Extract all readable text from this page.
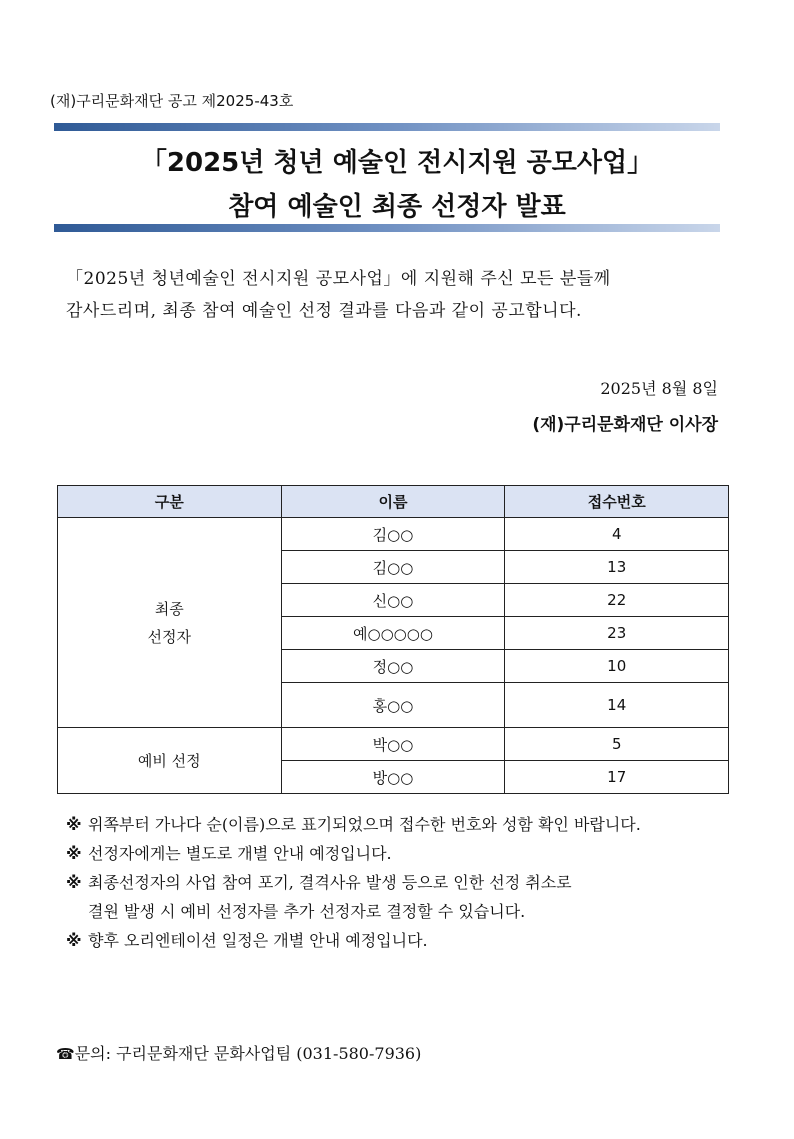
(재)구리문화재단 공고 제2025-43호
「2025년 청년 예술인 전시지원 공모사업」
참여 예술인 최종 선정자 발표
「2025년 청년예술인 전시지원 공모사업」에 지원해 주신 모든 분들께
감사드리며, 최종 참여 예술인 선정 결과를 다음과 같이 공고합니다.
2025년 8월 8일
(재)구리문화재단 이사장
구분	이름	접수번호

최종
선정자	김○○	4
	김○○	13
	신○○	22
	예○○○○○	23
	정○○	10
	홍○○	14
예비 선정	박○○	5
	방○○	17
※ 위쪽부터 가나다 순(이름)으로 표기되었으며 접수한 번호와 성함 확인 바랍니다.
※ 선정자에게는 별도로 개별 안내 예정입니다.
※ 최종선정자의 사업 참여 포기, 결격사유 발생 등으로 인한 선정 취소로
결원 발생 시 예비 선정자를 추가 선정자로 결정할 수 있습니다.
※ 향후 오리엔테이션 일정은 개별 안내 예정입니다.
☎문의: 구리문화재단 문화사업팀 (031-580-7936)
